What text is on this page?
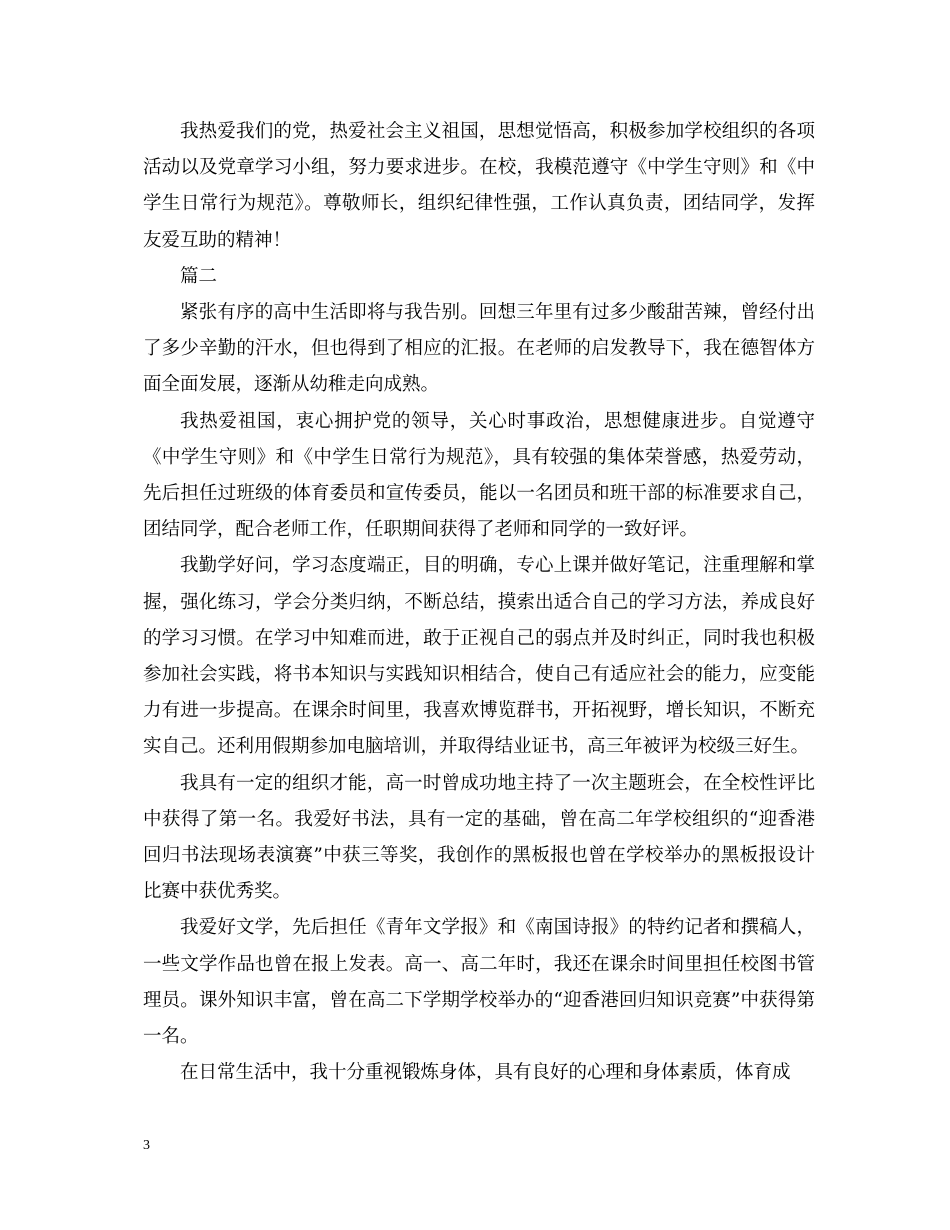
我热爱我们的党，热爱社会主义祖国，思想觉悟高，积极参加学校组织的各项活动以及党章学习小组，努力要求进步。在校，我模范遵守《中学生守则》和《中学生日常行为规范》。尊敬师长，组织纪律性强，工作认真负责，团结同学，发挥友爱互助的精神！

篇二

紧张有序的高中生活即将与我告别。回想三年里有过多少酸甜苦辣，曾经付出了多少辛勤的汗水，但也得到了相应的汇报。在老师的启发教导下，我在德智体方面全面发展，逐渐从幼稚走向成熟。

我热爱祖国，衷心拥护党的领导，关心时事政治，思想健康进步。自觉遵守《中学生守则》和《中学生日常行为规范》，具有较强的集体荣誉感，热爱劳动，先后担任过班级的体育委员和宣传委员，能以一名团员和班干部的标准要求自己，团结同学，配合老师工作，任职期间获得了老师和同学的一致好评。

我勤学好问，学习态度端正，目的明确，专心上课并做好笔记，注重理解和掌握，强化练习，学会分类归纳，不断总结，摸索出适合自己的学习方法，养成良好的学习习惯。在学习中知难而进，敢于正视自己的弱点并及时纠正，同时我也积极参加社会实践，将书本知识与实践知识相结合，使自己有适应社会的能力，应变能力有进一步提高。在课余时间里，我喜欢博览群书，开拓视野，增长知识，不断充实自己。还利用假期参加电脑培训，并取得结业证书，高三年被评为校级三好生。

我具有一定的组织才能，高一时曾成功地主持了一次主题班会，在全校性评比中获得了第一名。我爱好书法，具有一定的基础，曾在高二年学校组织的“迎香港回归书法现场表演赛”中获三等奖，我创作的黑板报也曾在学校举办的黑板报设计比赛中获优秀奖。

我爱好文学，先后担任《青年文学报》和《南国诗报》的特约记者和撰稿人，一些文学作品也曾在报上发表。高一、高二年时，我还在课余时间里担任校图书管理员。课外知识丰富，曾在高二下学期学校举办的“迎香港回归知识竞赛”中获得第一名。

在日常生活中，我十分重视锻炼身体，具有良好的心理和身体素质，体育成

3
